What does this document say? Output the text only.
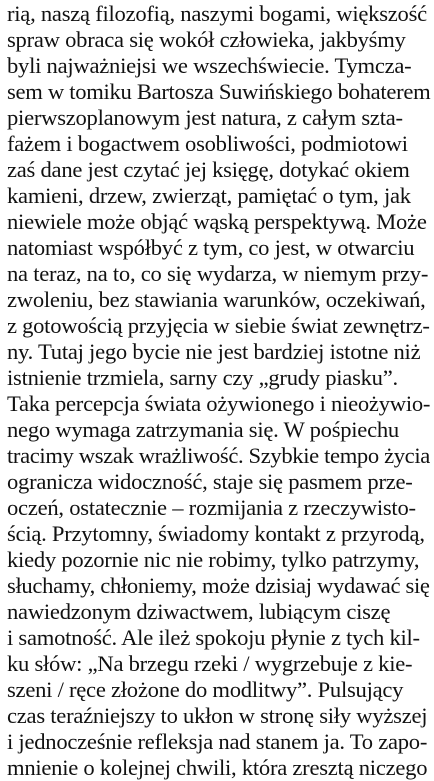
rią, naszą filozofią, naszymi bogami, większość
spraw obraca się wokół człowieka, jakbyśmy
byli najważniejsi we wszechświecie. Tymcza-
sem w tomiku Bartosza Suwińskiego bohaterem
pierwszoplanowym jest natura, z całym szta-
fażem i bogactwem osobliwości, podmiotowi
zaś dane jest czytać jej księgę, dotykać okiem
kamieni, drzew, zwierząt, pamiętać o tym, jak
niewiele może objąć wąską perspektywą. Może
natomiast współbyć z tym, co jest, w otwarciu
na teraz, na to, co się wydarza, w niemym przy-
zwoleniu, bez stawiania warunków, oczekiwań,
z gotowością przyjęcia w siebie świat zewnętrz-
ny. Tutaj jego bycie nie jest bardziej istotne niż
istnienie trzmiela, sarny czy „grudy piasku”.
Taka percepcja świata ożywionego i nieożywio-
nego wymaga zatrzymania się. W pośpiechu
tracimy wszak wrażliwość. Szybkie tempo życia
ogranicza widoczność, staje się pasmem prze-
oczeń, ostatecznie – rozmijania z rzeczywisto-
ścią. Przytomny, świadomy kontakt z przyrodą,
kiedy pozornie nic nie robimy, tylko patrzymy,
słuchamy, chłoniemy, może dzisiaj wydawać się
nawiedzonym dziwactwem, lubiącym ciszę
i samotność. Ale ileż spokoju płynie z tych kil-
ku słów: „Na brzegu rzeki / wygrzebuje z kie-
szeni / ręce złożone do modlitwy”. Pulsujący
czas teraźniejszy to ukłon w stronę siły wyższej
i jednocześnie refleksja nad stanem ja. To zapo-
mnienie o kolejnej chwili, która zresztą niczego
